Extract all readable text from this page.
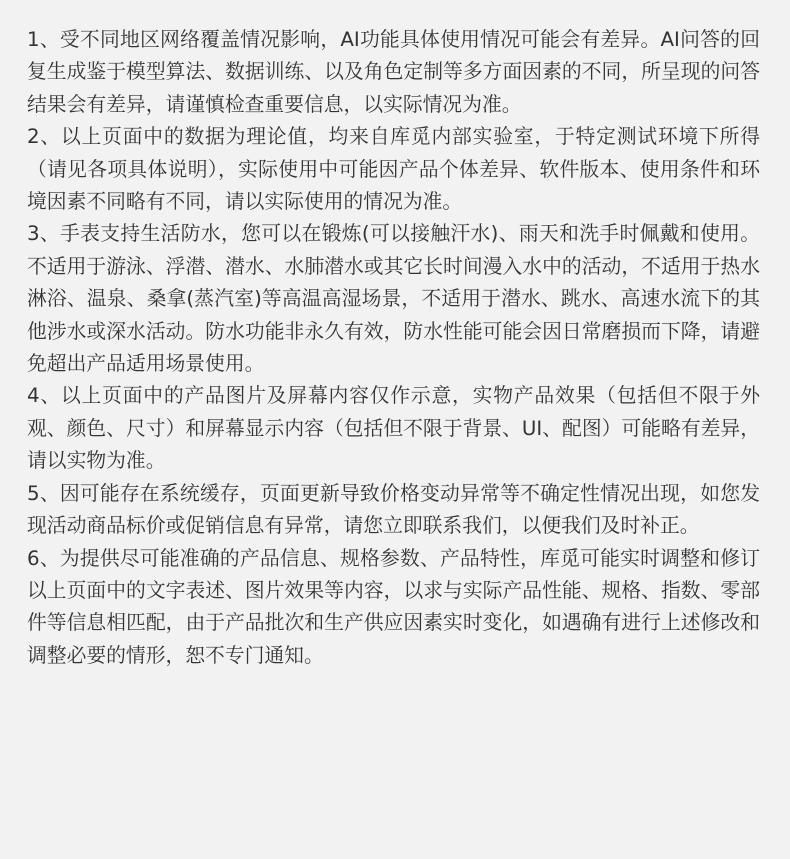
1、受不同地区网络覆盖情况影响，AI功能具体使用情况可能会有差异。AI问答的回复生成鉴于模型算法、数据训练、以及角色定制等多方面因素的不同，所呈现的问答结果会有差异，请谨慎检查重要信息，以实际情况为准。

2、以上页面中的数据为理论值，均来自库觅内部实验室，于特定测试环境下所得（请见各项具体说明），实际使用中可能因产品个体差异、软件版本、使用条件和环境因素不同略有不同，请以实际使用的情况为准。

3、手表支持生活防水，您可以在锻炼(可以接触汗水)、雨天和洗手时佩戴和使用。不适用于游泳、浮潜、潜水、水肺潜水或其它长时间漫入水中的活动，不适用于热水淋浴、温泉、桑拿(蒸汽室)等高温高湿场景，不适用于潜水、跳水、高速水流下的其他涉水或深水活动。防水功能非永久有效，防水性能可能会因日常磨损而下降，请避免超出产品适用场景使用。

4、以上页面中的产品图片及屏幕内容仅作示意，实物产品效果（包括但不限于外观、颜色、尺寸）和屏幕显示内容（包括但不限于背景、UI、配图）可能略有差异，请以实物为准。

5、因可能存在系统缓存，页面更新导致价格变动异常等不确定性情况出现，如您发现活动商品标价或促销信息有异常，请您立即联系我们，以便我们及时补正。

6、为提供尽可能准确的产品信息、规格参数、产品特性，库觅可能实时调整和修订以上页面中的文字表述、图片效果等内容，以求与实际产品性能、规格、指数、零部件等信息相匹配，由于产品批次和生产供应因素实时变化，如遇确有进行上述修改和调整必要的情形，恕不专门通知。
